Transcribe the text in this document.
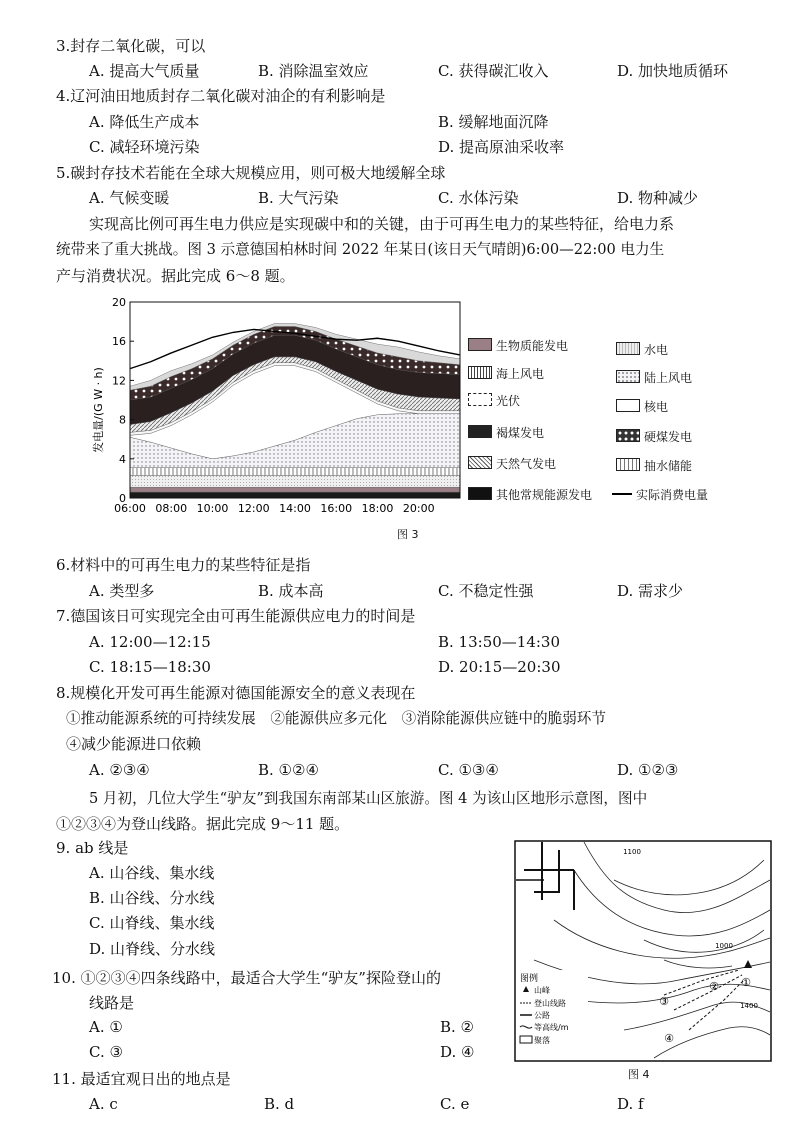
3.封存二氧化碳，可以
A. 提高大气质量	B. 消除温室效应	C. 获得碳汇收入	D. 加快地质循环
4.辽河油田地质封存二氧化碳对油企的有利影响是
A. 降低生产成本	B. 缓解地面沉降
C. 减轻环境污染	D. 提高原油采收率
5.碳封存技术若能在全球大规模应用，则可极大地缓解全球
A. 气候变暖	B. 大气污染	C. 水体污染	D. 物种减少
实现高比例可再生电力供应是实现碳中和的关键，由于可再生电力的某些特征，给电力系
统带来了重大挑战。图 3 示意德国柏林时间 2022 年某日(该日天气晴朗)6:00—22:00 电力生
产与消费状况。据此完成 6～8 题。
0
4
8
12
16
20
06:00 08:00 10:00 12:00 14:00 16:00 18:00 20:00
发电量/(G W · h)
生物质能发电	水电
海上风电	陆上风电
光伏	核电
褐煤发电	硬煤发电
天然气发电	抽水储能
其他常规能源发电	实际消费电量
图 3
6.材料中的可再生电力的某些特征是指
A. 类型多	B. 成本高	C. 不稳定性强	D. 需求少
7.德国该日可实现完全由可再生能源供应电力的时间是
A. 12:00—12:15	B. 13:50—14:30
C. 18:15—18:30	D. 20:15—20:30
8.规模化开发可再生能源对德国能源安全的意义表现在
①推动能源系统的可持续发展　②能源供应多元化　③消除能源供应链中的脆弱环节
④减少能源进口依赖
A. ②③④	B. ①②④	C. ①③④	D. ①②③
5 月初，几位大学生“驴友”到我国东南部某山区旅游。图 4 为该山区地形示意图，图中
①②③④为登山线路。据此完成 9～11 题。
9. ab 线是
A. 山谷线、集水线
B. 山谷线、分水线
C. 山脊线、集水线
D. 山脊线、分水线
10. ①②③④四条线路中，最适合大学生“驴友”探险登山的
线路是
A. ①	B. ②
C. ③	D. ④
11. 最适宜观日出的地点是
A. c	B. d	C. e	D. f
①
②
③
④
1100
1000
1400
图例
山峰
登山线路
公路
等高线/m
聚落
图 4
